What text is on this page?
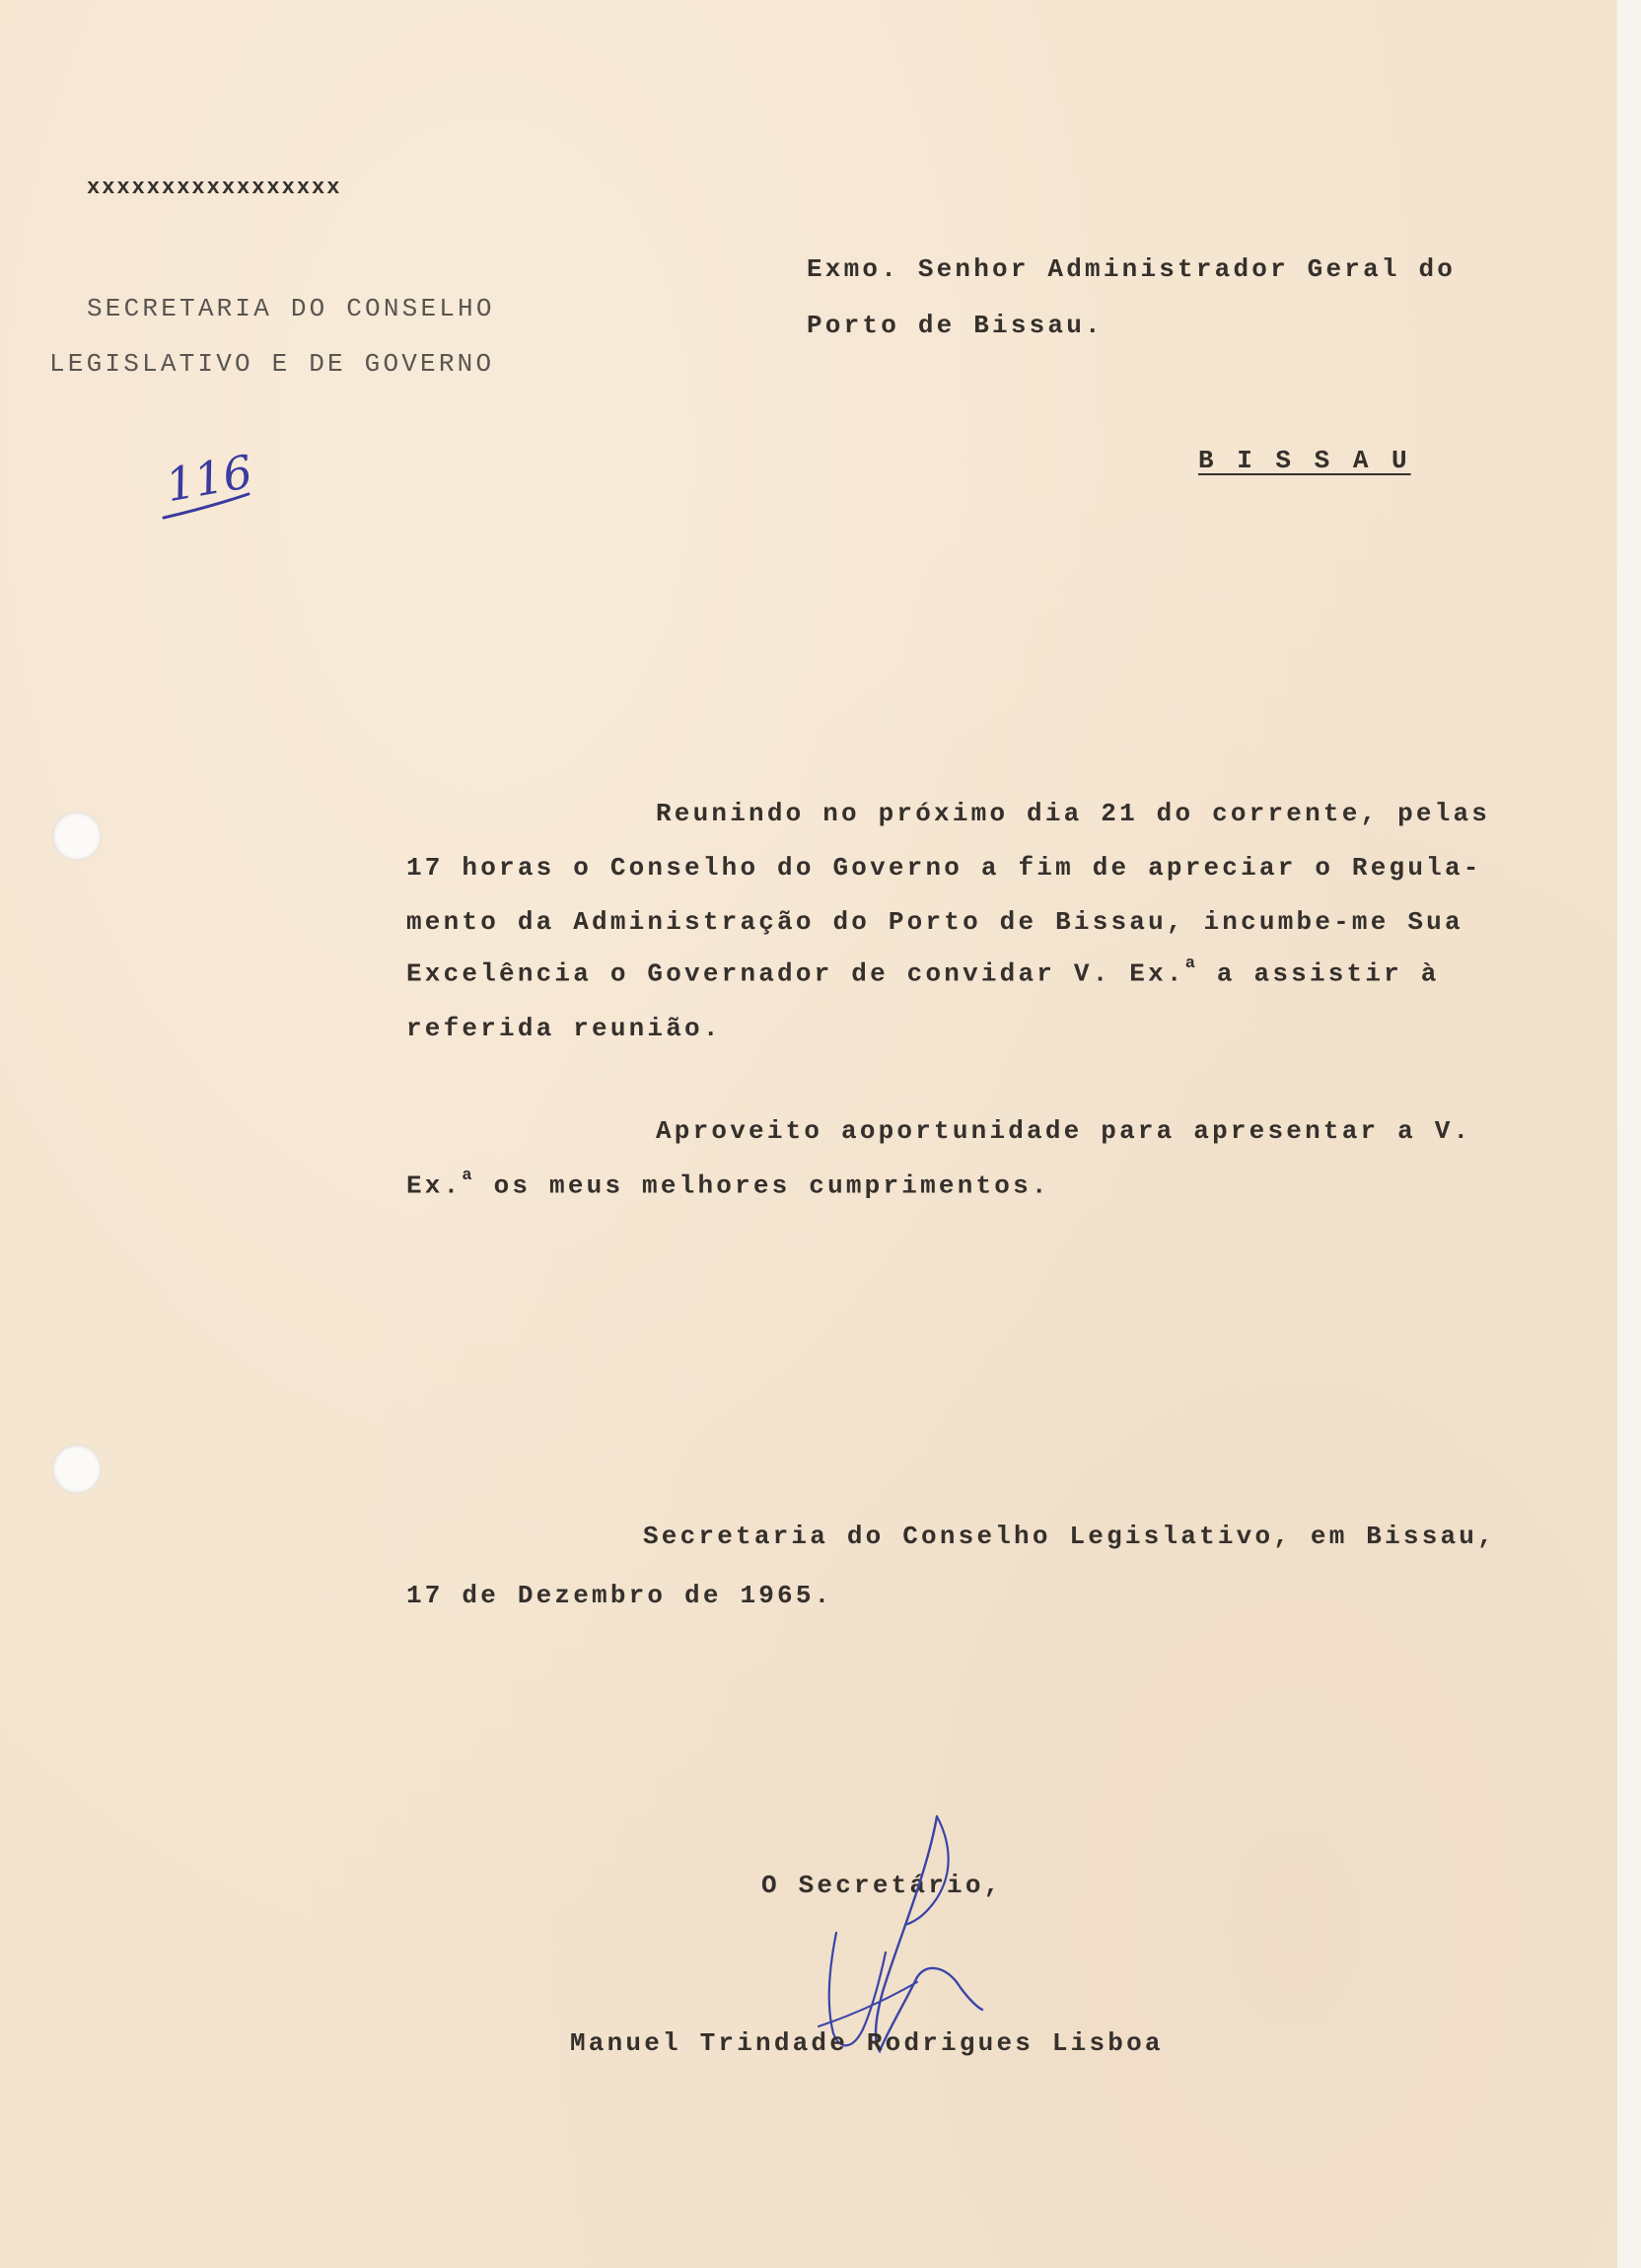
xxxxxxxxxxxxxxxxx
SECRETARIA DO CONSELHO
LEGISLATIVO E DE GOVERNO
116
Exmo. Senhor Administrador Geral do
Porto de Bissau.
B I S S A U
Reunindo no próximo dia 21 do corrente, pelas
17 horas o Conselho do Governo a fim de apreciar o Regula-
mento da Administração do Porto de Bissau, incumbe-me Sua
Excelência o Governador de convidar V. Ex.$^a$ a assistir à
referida reunião.
Aproveito aoportunidade para apresentar a V.
Ex.$^a$ os meus melhores cumprimentos.
Secretaria do Conselho Legislativo, em Bissau,
17 de Dezembro de 1965.
O Secretário,
Manuel Trindade Rodrigues Lisboa
